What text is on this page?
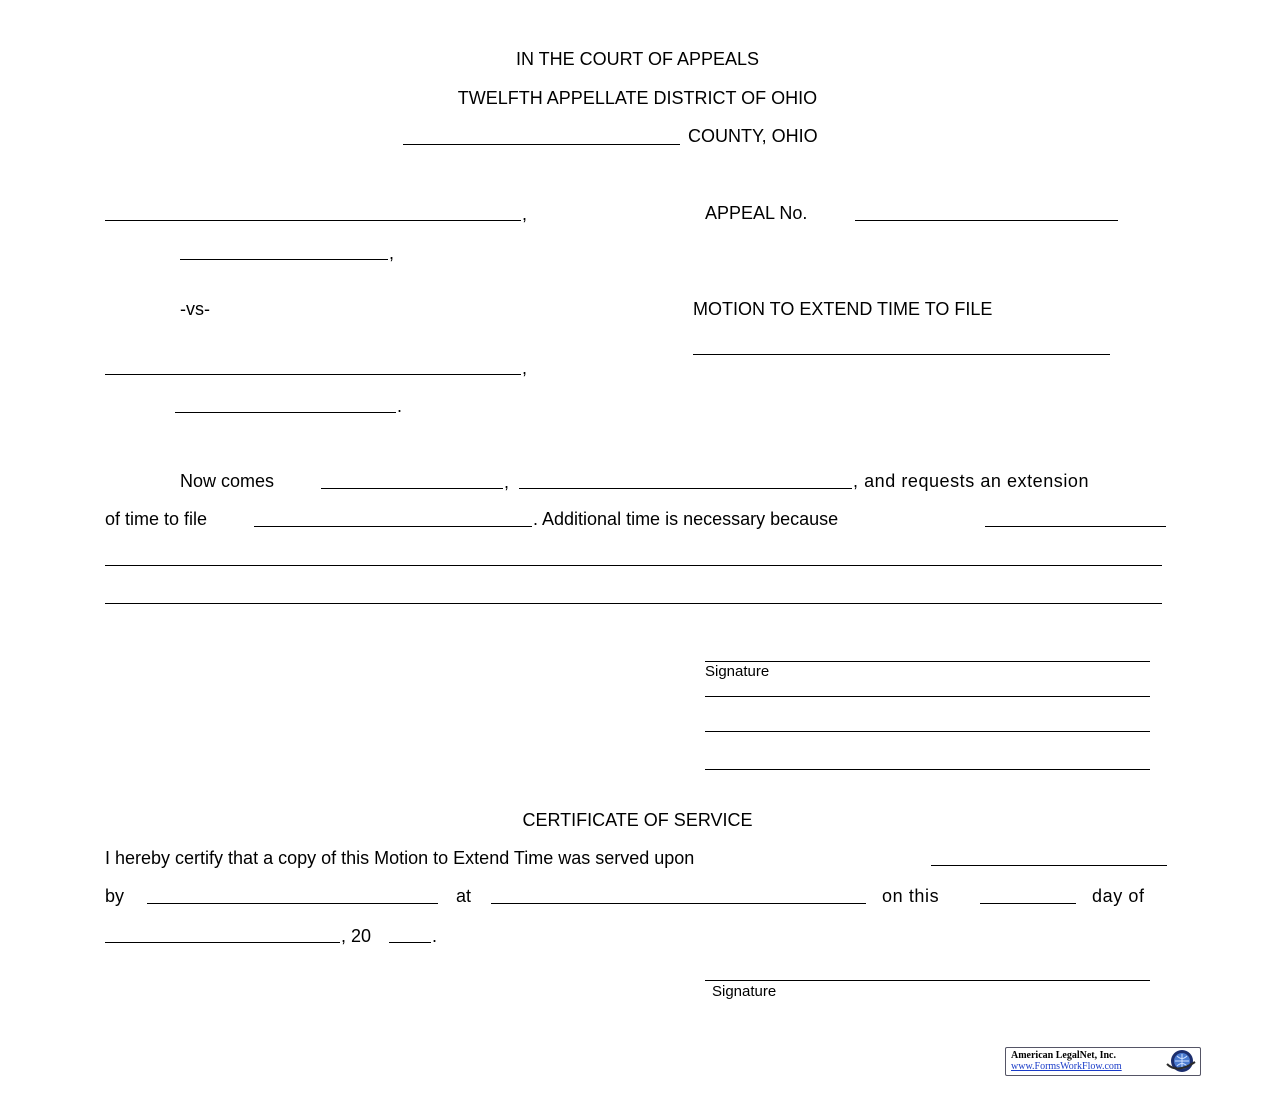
IN THE COURT OF APPEALS
TWELFTH APPELLATE DISTRICT OF OHIO
COUNTY, OHIO
,
,
-vs-
,
.
APPEAL No.
MOTION TO EXTEND TIME TO FILE
Now comes	,	, and requests an extension
of time to file	. Additional time is necessary because
Signature
CERTIFICATE OF SERVICE
I hereby certify that a copy of this Motion to Extend Time was served upon
by	at	on this	day of
, 20	.
Signature
American LegalNet, Inc.
www.FormsWorkFlow.com
